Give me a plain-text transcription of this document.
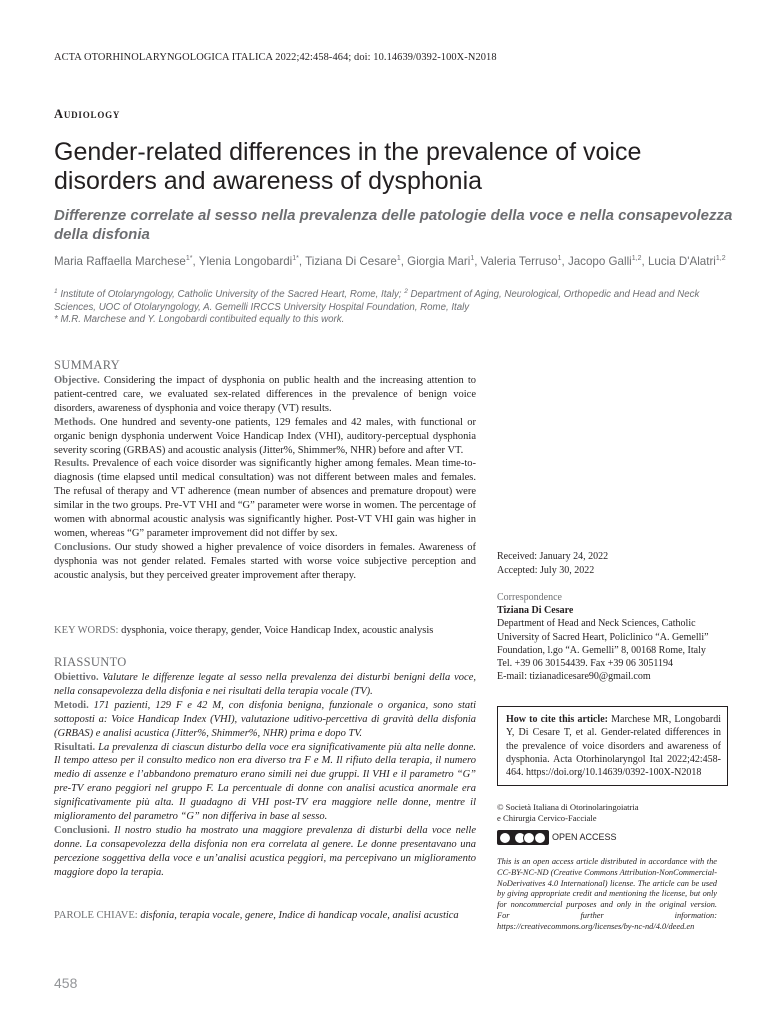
ACTA OTORHINOLARYNGOLOGICA ITALICA 2022;42:458-464; doi: 10.14639/0392-100X-N2018
Audiology
Gender-related differences in the prevalence of voice disorders and awareness of dysphonia
Differenze correlate al sesso nella prevalenza delle patologie della voce e nella consapevolezza della disfonia
Maria Raffaella Marchese$^{1*}$, Ylenia Longobardi$^{1*}$, Tiziana Di Cesare$^1$, Giorgia Mari$^1$, Valeria Terruso$^1$, Jacopo Galli$^{1,2}$, Lucia D'Alatri$^{1,2}$
$^1$ Institute of Otolaryngology, Catholic University of the Sacred Heart, Rome, Italy; $^2$ Department of Aging, Neurological, Orthopedic and Head and Neck Sciences, UOC of Otolaryngology, A. Gemelli IRCCS University Hospital Foundation, Rome, Italy
* M.R. Marchese and Y. Longobardi contibuited equally to this work.
SUMMARY
Objective. Considering the impact of dysphonia on public health and the increasing attention to patient-centred care, we evaluated sex-related differences in the prevalence of benign voice disorders, awareness of dysphonia and voice therapy (VT) results.
Methods. One hundred and seventy-one patients, 129 females and 42 males, with functional or organic benign dysphonia underwent Voice Handicap Index (VHI), auditory-perceptual dysphonia severity scoring (GRBAS) and acoustic analysis (Jitter%, Shimmer%, NHR) before and after VT.
Results. Prevalence of each voice disorder was significantly higher among females. Mean time-to-diagnosis (time elapsed until medical consultation) was not different between males and females. The refusal of therapy and VT adherence (mean number of absences and premature dropout) were similar in the two groups. Pre-VT VHI and “G” parameter were worse in women. The percentage of women with abnormal acoustic analysis was significantly higher. Post-VT VHI gain was higher in women, whereas “G” parameter improvement did not differ by sex.
Conclusions. Our study showed a higher prevalence of voice disorders in females. Awareness of dysphonia was not gender related. Females started with worse voice subjective perception and acoustic analysis, but they perceived greater improvement after therapy.
KEY WORDS: dysphonia, voice therapy, gender, Voice Handicap Index, acoustic analysis
RIASSUNTO
Obiettivo. Valutare le differenze legate al sesso nella prevalenza dei disturbi benigni della voce, nella consapevolezza della disfonia e nei risultati della terapia vocale (TV).
Metodi. 171 pazienti, 129 F e 42 M, con disfonia benigna, funzionale o organica, sono stati sottoposti a: Voice Handicap Index (VHI), valutazione uditivo-percettiva di gravità della disfonia (GRBAS) e analisi acustica (Jitter%, Shimmer%, NHR) prima e dopo TV.
Risultati. La prevalenza di ciascun disturbo della voce era significativamente più alta nelle donne. Il tempo atteso per il consulto medico non era diverso tra F e M. Il rifiuto della terapia, il numero medio di assenze e l’abbandono prematuro erano simili nei due gruppi. Il VHI e il parametro “G” pre-TV erano peggiori nel gruppo F. La percentuale di donne con analisi acustica anormale era significativamente più alta. Il guadagno di VHI post-TV era maggiore nelle donne, mentre il miglioramento del parametro “G” non differiva in base al sesso.
Conclusioni. Il nostro studio ha mostrato una maggiore prevalenza di disturbi della voce nelle donne. La consapevolezza della disfonia non era correlata al genere. Le donne presentavano una percezione soggettiva della voce e un’analisi acustica peggiori, ma percepivano un miglioramento maggiore dopo la terapia.
PAROLE CHIAVE: disfonia, terapia vocale, genere, Indice di handicap vocale, analisi acustica
458
Received: January 24, 2022
Accepted: July 30, 2022
Correspondence
Tiziana Di Cesare
Department of Head and Neck Sciences, Catholic University of Sacred Heart, Policlinico “A. Gemelli” Foundation, l.go “A. Gemelli” 8, 00168 Rome, Italy
Tel. +39 06 30154439. Fax +39 06 3051194
E-mail: tizianadicesare90@gmail.com
How to cite this article: Marchese MR, Longobardi Y, Di Cesare T, et al. Gender-related differences in the prevalence of voice disorders and awareness of dysphonia. Acta Otorhinolaryngol Ital 2022;42:458-464. https://doi.org/10.14639/0392-100X-N2018
© Società Italiana di Otorinolaringoiatria
e Chirurgia Cervico-Facciale
OPEN ACCESS
This is an open access article distributed in accordance with the CC-BY-NC-ND (Creative Commons Attribution-NonCommercial-NoDerivatives 4.0 International) license. The article can be used by giving appropriate credit and mentioning the license, but only for noncommercial purposes and only in the original version. For further information: https://creativecommons.org/licenses/by-nc-nd/4.0/deed.en
